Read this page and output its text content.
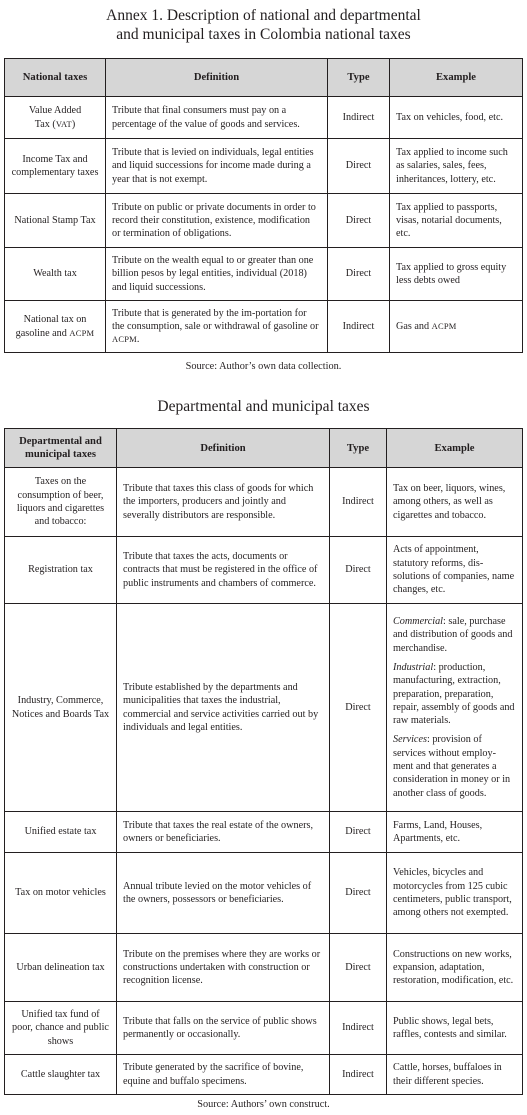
Annex 1. Description of national and departmental

and municipal taxes in Colombia national taxes

National taxes	Definition	Type	Example
Value Added
Tax (VAT)	Tribute that final consumers must pay on a percentage of the value of goods and services.	Indirect	Tax on vehicles, food, etc.
Income Tax and complementary taxes	Tribute that is levied on individuals, legal entities and liquid successions for income made during a year that is not exempt.	Direct	Tax applied to income such as salaries, sales, fees, inheritances, lottery, etc.
National Stamp Tax	Tribute on public or private documents in order to record their constitution, existence, modification or termination of obligations.	Direct	Tax applied to passports, visas, notarial documents, etc.
Wealth tax	Tribute on the wealth equal to or greater than one billion pesos by legal entities, individual (2018) and liquid successions.	Direct	Tax applied to gross equity less debts owed
National tax on
gasoline and ACPM	Tribute that is generated by the im-portation for the consumption, sale or withdrawal of gasoline or ACPM.	Indirect	Gas and ACPM
Source: Author’s own data collection.

Departmental and municipal taxes

Departmental and municipal taxes	Definition	Type	Example
Taxes on the consumption of beer, liquors and cigarettes and tobacco:	Tribute that taxes this class of goods for which the importers, producers and jointly and severally distributors are responsible.	Indirect	Tax on beer, liquors, wines, among others, as well as cigarettes and tobacco.
Registration tax	Tribute that taxes the acts, documents or contracts that must be registered in the office of public instruments and chambers of commerce.	Direct	Acts of appointment, statutory reforms, dis-solutions of companies, name changes, etc.
Industry, Commerce, Notices and Boards Tax	Tribute established by the departments and municipalities that taxes the industrial, commercial and service activities carried out by individuals and legal entities.	Direct	Commercial: sale, purchase and distribution of goods and merchandise.

Industrial: production, manufacturing, extraction, preparation, preparation, repair, assembly of goods and raw materials.

Services: provision of services without employ-ment and that generates a consideration in money or in another class of goods.

Unified estate tax	Tribute that taxes the real estate of the owners, owners or beneficiaries.	Direct	Farms, Land, Houses, Apartments, etc.
Tax on motor vehicles	Annual tribute levied on the motor vehicles of the owners, possessors or beneficiaries.	Direct	Vehicles, bicycles and motorcycles from 125 cubic centimeters, public transport, among others not exempted.
Urban delineation tax	Tribute on the premises where they are works or constructions undertaken with construction or recognition license.	Direct	Constructions on new works, expansion, adaptation, restoration, modification, etc.
Unified tax fund of poor, chance and public shows	Tribute that falls on the service of public shows permanently or occasionally.	Indirect	Public shows, legal bets, raffles, contests and similar.
Cattle slaughter tax	Tribute generated by the sacrifice of bovine, equine and buffalo specimens.	Indirect	Cattle, horses, buffaloes in their different species.
Source: Authors’ own construct.
